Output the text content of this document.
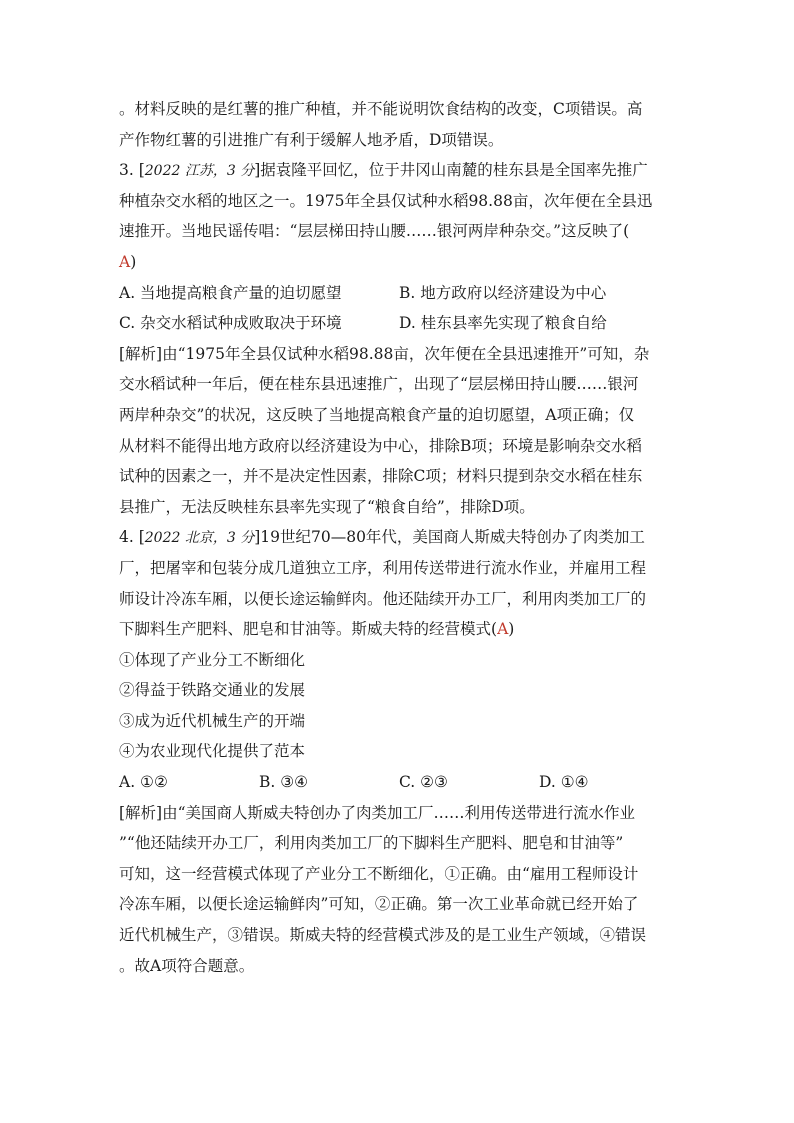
。材料反映的是红薯的推广种植，并不能说明饮食结构的改变，C项错误。高
产作物红薯的引进推广有利于缓解人地矛盾，D项错误。
3. [2022 江苏，3 分]据袁隆平回忆，位于井冈山南麓的桂东县是全国率先推广
种植杂交水稻的地区之一。1975年全县仅试种水稻98.88亩，次年便在全县迅
速推开。当地民谣传唱：“层层梯田持山腰……银河两岸种杂交。”这反映了(
A)
A. 当地提高粮食产量的迫切愿望	B. 地方政府以经济建设为中心
C. 杂交水稻试种成败取决于环境	D. 桂东县率先实现了粮食自给
[解析]由“1975年全县仅试种水稻98.88亩，次年便在全县迅速推开”可知，杂
交水稻试种一年后，便在桂东县迅速推广，出现了“层层梯田持山腰……银河
两岸种杂交”的状况，这反映了当地提高粮食产量的迫切愿望，A项正确；仅
从材料不能得出地方政府以经济建设为中心，排除B项；环境是影响杂交水稻
试种的因素之一，并不是决定性因素，排除C项；材料只提到杂交水稻在桂东
县推广，无法反映桂东县率先实现了“粮食自给”，排除D项。
4. [2022 北京，3 分]19世纪70—80年代，美国商人斯威夫特创办了肉类加工
厂，把屠宰和包装分成几道独立工序，利用传送带进行流水作业，并雇用工程
师设计冷冻车厢，以便长途运输鲜肉。他还陆续开办工厂，利用肉类加工厂的
下脚料生产肥料、肥皂和甘油等。斯威夫特的经营模式(A)
①体现了产业分工不断细化
②得益于铁路交通业的发展
③成为近代机械生产的开端
④为农业现代化提供了范本
A. ①②	B. ③④	C. ②③	D. ①④
[解析]由“美国商人斯威夫特创办了肉类加工厂……利用传送带进行流水作业
”“他还陆续开办工厂，利用肉类加工厂的下脚料生产肥料、肥皂和甘油等”
可知，这一经营模式体现了产业分工不断细化，①正确。由“雇用工程师设计
冷冻车厢，以便长途运输鲜肉”可知，②正确。第一次工业革命就已经开始了
近代机械生产，③错误。斯威夫特的经营模式涉及的是工业生产领域，④错误
。故A项符合题意。
